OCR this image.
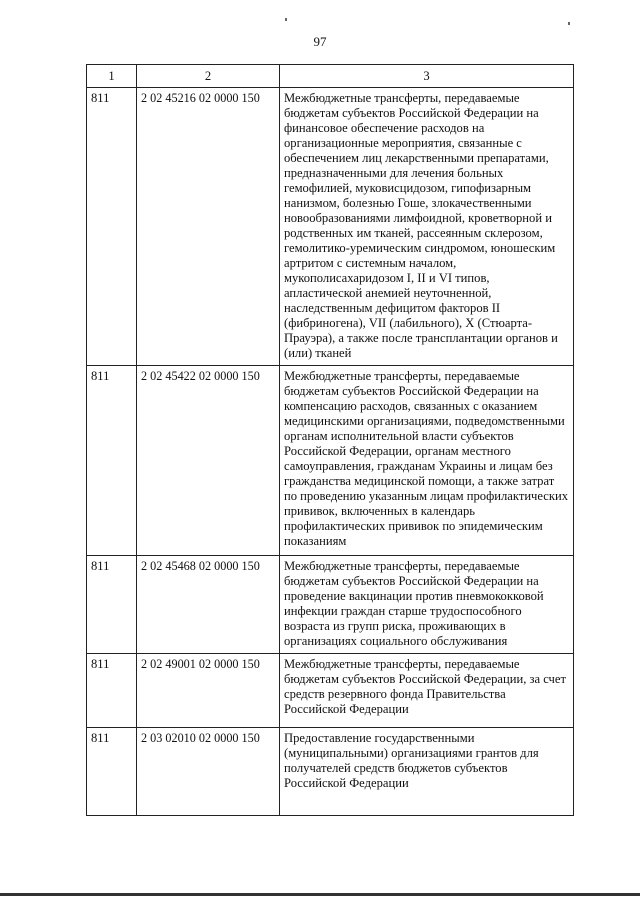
97
1	2	3
811	2 02 45216 02 0000 150	Межбюджетные трансферты, передаваемые бюджетам субъектов Российской Федерации на финансовое обеспечение расходов на организационные мероприятия, связанные с обеспечением лиц лекарственными препаратами, предназначенными для лечения больных гемофилией, муковисцидозом, гипофизарным нанизмом, болезнью Гоше, злокачественными новообразованиями лимфоидной, кроветворной и родственных им тканей, рассеянным склерозом, гемолитико-уремическим синдромом, юношеским артритом с системным началом, мукополисахаридозом I, II и VI типов, апластической анемией неуточненной, наследственным дефицитом факторов II (фибриногена), VII (лабильного), X (Стюарта-Прауэра), а также после трансплантации органов и (или) тканей
811	2 02 45422 02 0000 150	Межбюджетные трансферты, передаваемые бюджетам субъектов Российской Федерации на компенсацию расходов, связанных с оказанием медицинскими организациями, подведомственными органам исполнительной власти субъектов Российской Федерации, органам местного самоуправления, гражданам Украины и лицам без гражданства медицинской помощи, а также затрат по проведению указанным лицам профилактических прививок, включенных в календарь профилактических прививок по эпидемическим показаниям
811	2 02 45468 02 0000 150	Межбюджетные трансферты, передаваемые бюджетам субъектов Российской Федерации на проведение вакцинации против пневмококковой инфекции граждан старше трудоспособного возраста из групп риска, проживающих в организациях социального обслуживания
811	2 02 49001 02 0000 150	Межбюджетные трансферты, передаваемые бюджетам субъектов Российской Федерации, за счет средств резервного фонда Правительства Российской Федерации
811	2 03 02010 02 0000 150	Предоставление государственными (муниципальными) организациями грантов для получателей средств бюджетов субъектов Российской Федерации
